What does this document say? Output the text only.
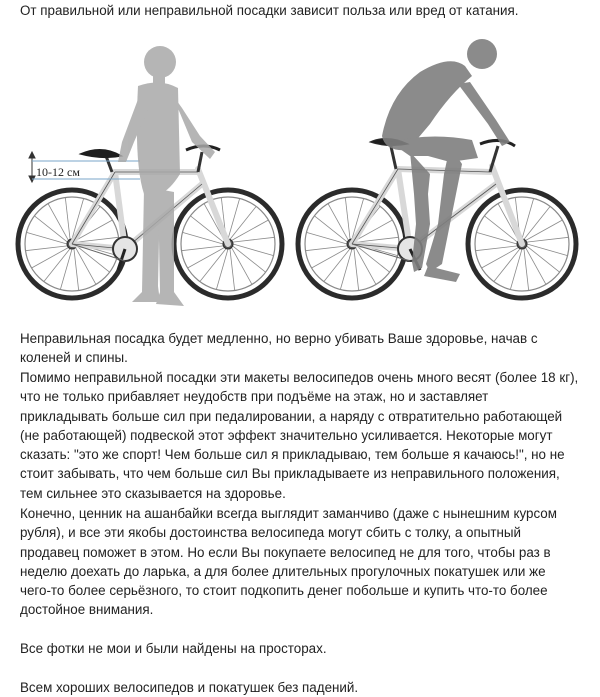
От правильной или неправильной посадки зависит польза или вред от катания.

10-12 см

Неправильная посадка будет медленно, но верно убивать Ваше здоровье, начав с коленей и спины.

Помимо неправильной посадки эти макеты велосипедов очень много весят (более 18 кг), что не только прибавляет неудобств при подъёме на этаж, но и заставляет прикладывать больше сил при педалировании, а наряду с отвратительно работающей (не работающей) подвеской этот эффект значительно усиливается. Некоторые могут сказать: "это же спорт! Чем больше сил я прикладываю, тем больше я качаюсь!", но не стоит забывать, что чем больше сил Вы прикладываете из неправильного положения, тем сильнее это сказывается на здоровье.

Конечно, ценник на ашанбайки всегда выглядит заманчиво (даже с нынешним курсом рубля), и все эти якобы достоинства велосипеда могут сбить с толку, а опытный продавец поможет в этом. Но если Вы покупаете велосипед не для того, чтобы раз в неделю доехать до ларька, а для более длительных прогулочных покатушек или же чего-то более серьёзного, то стоит подкопить денег побольше и купить что-то более достойное внимания.

Все фотки не мои и были найдены на просторах.

Всем хороших велосипедов и покатушек без падений.
